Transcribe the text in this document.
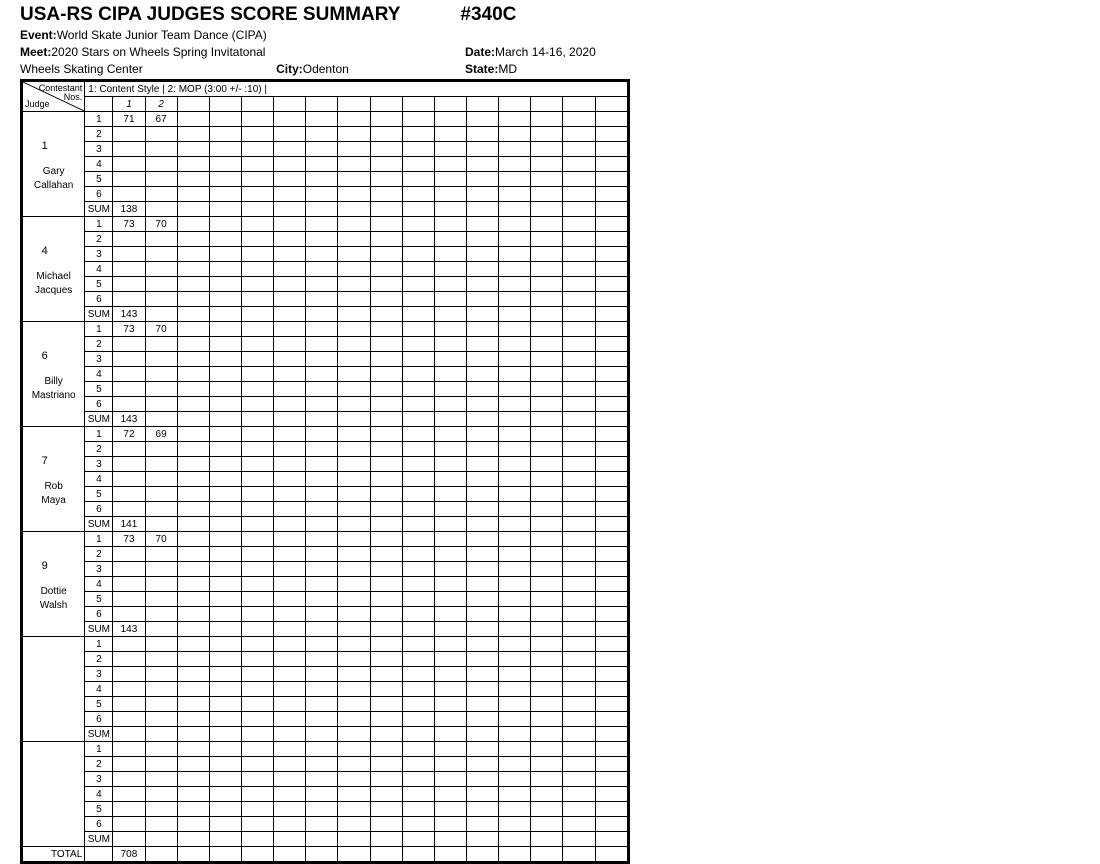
USA-RS CIPA JUDGES SCORE SUMMARY	#340C
Event:World Skate Junior Team Dance (CIPA)
Meet:2020 Stars on Wheels Spring Invitatonal	Date:March 14-16, 2020
Wheels Skating Center	City:Odenton	State:MD
Contestant
Nos.
Judge	1: Content Style | 2: MOP (3:00 +/- :10) |																
		1	2														

1
Gary
Callahan	1	71	67														
	2																
	3																
	4																
	5																
	6																
	SUM	138															

4
Michael
Jacques	1	73	70														
	2																
	3																
	4																
	5																
	6																
	SUM	143															

6
Billy
Mastriano	1	73	70														
	2																
	3																
	4																
	5																
	6																
	SUM	143															

7
Rob
Maya	1	72	69														
	2																
	3																
	4																
	5																
	6																
	SUM	141															

9
Dottie
Walsh	1	73	70														
	2																
	3																
	4																
	5																
	6																
	SUM	143															

	1																
	2																
	3																
	4																
	5																
	6																
	SUM																

	1																
	2																
	3																
	4																
	5																
	6																
	SUM																
TOTAL		708															
